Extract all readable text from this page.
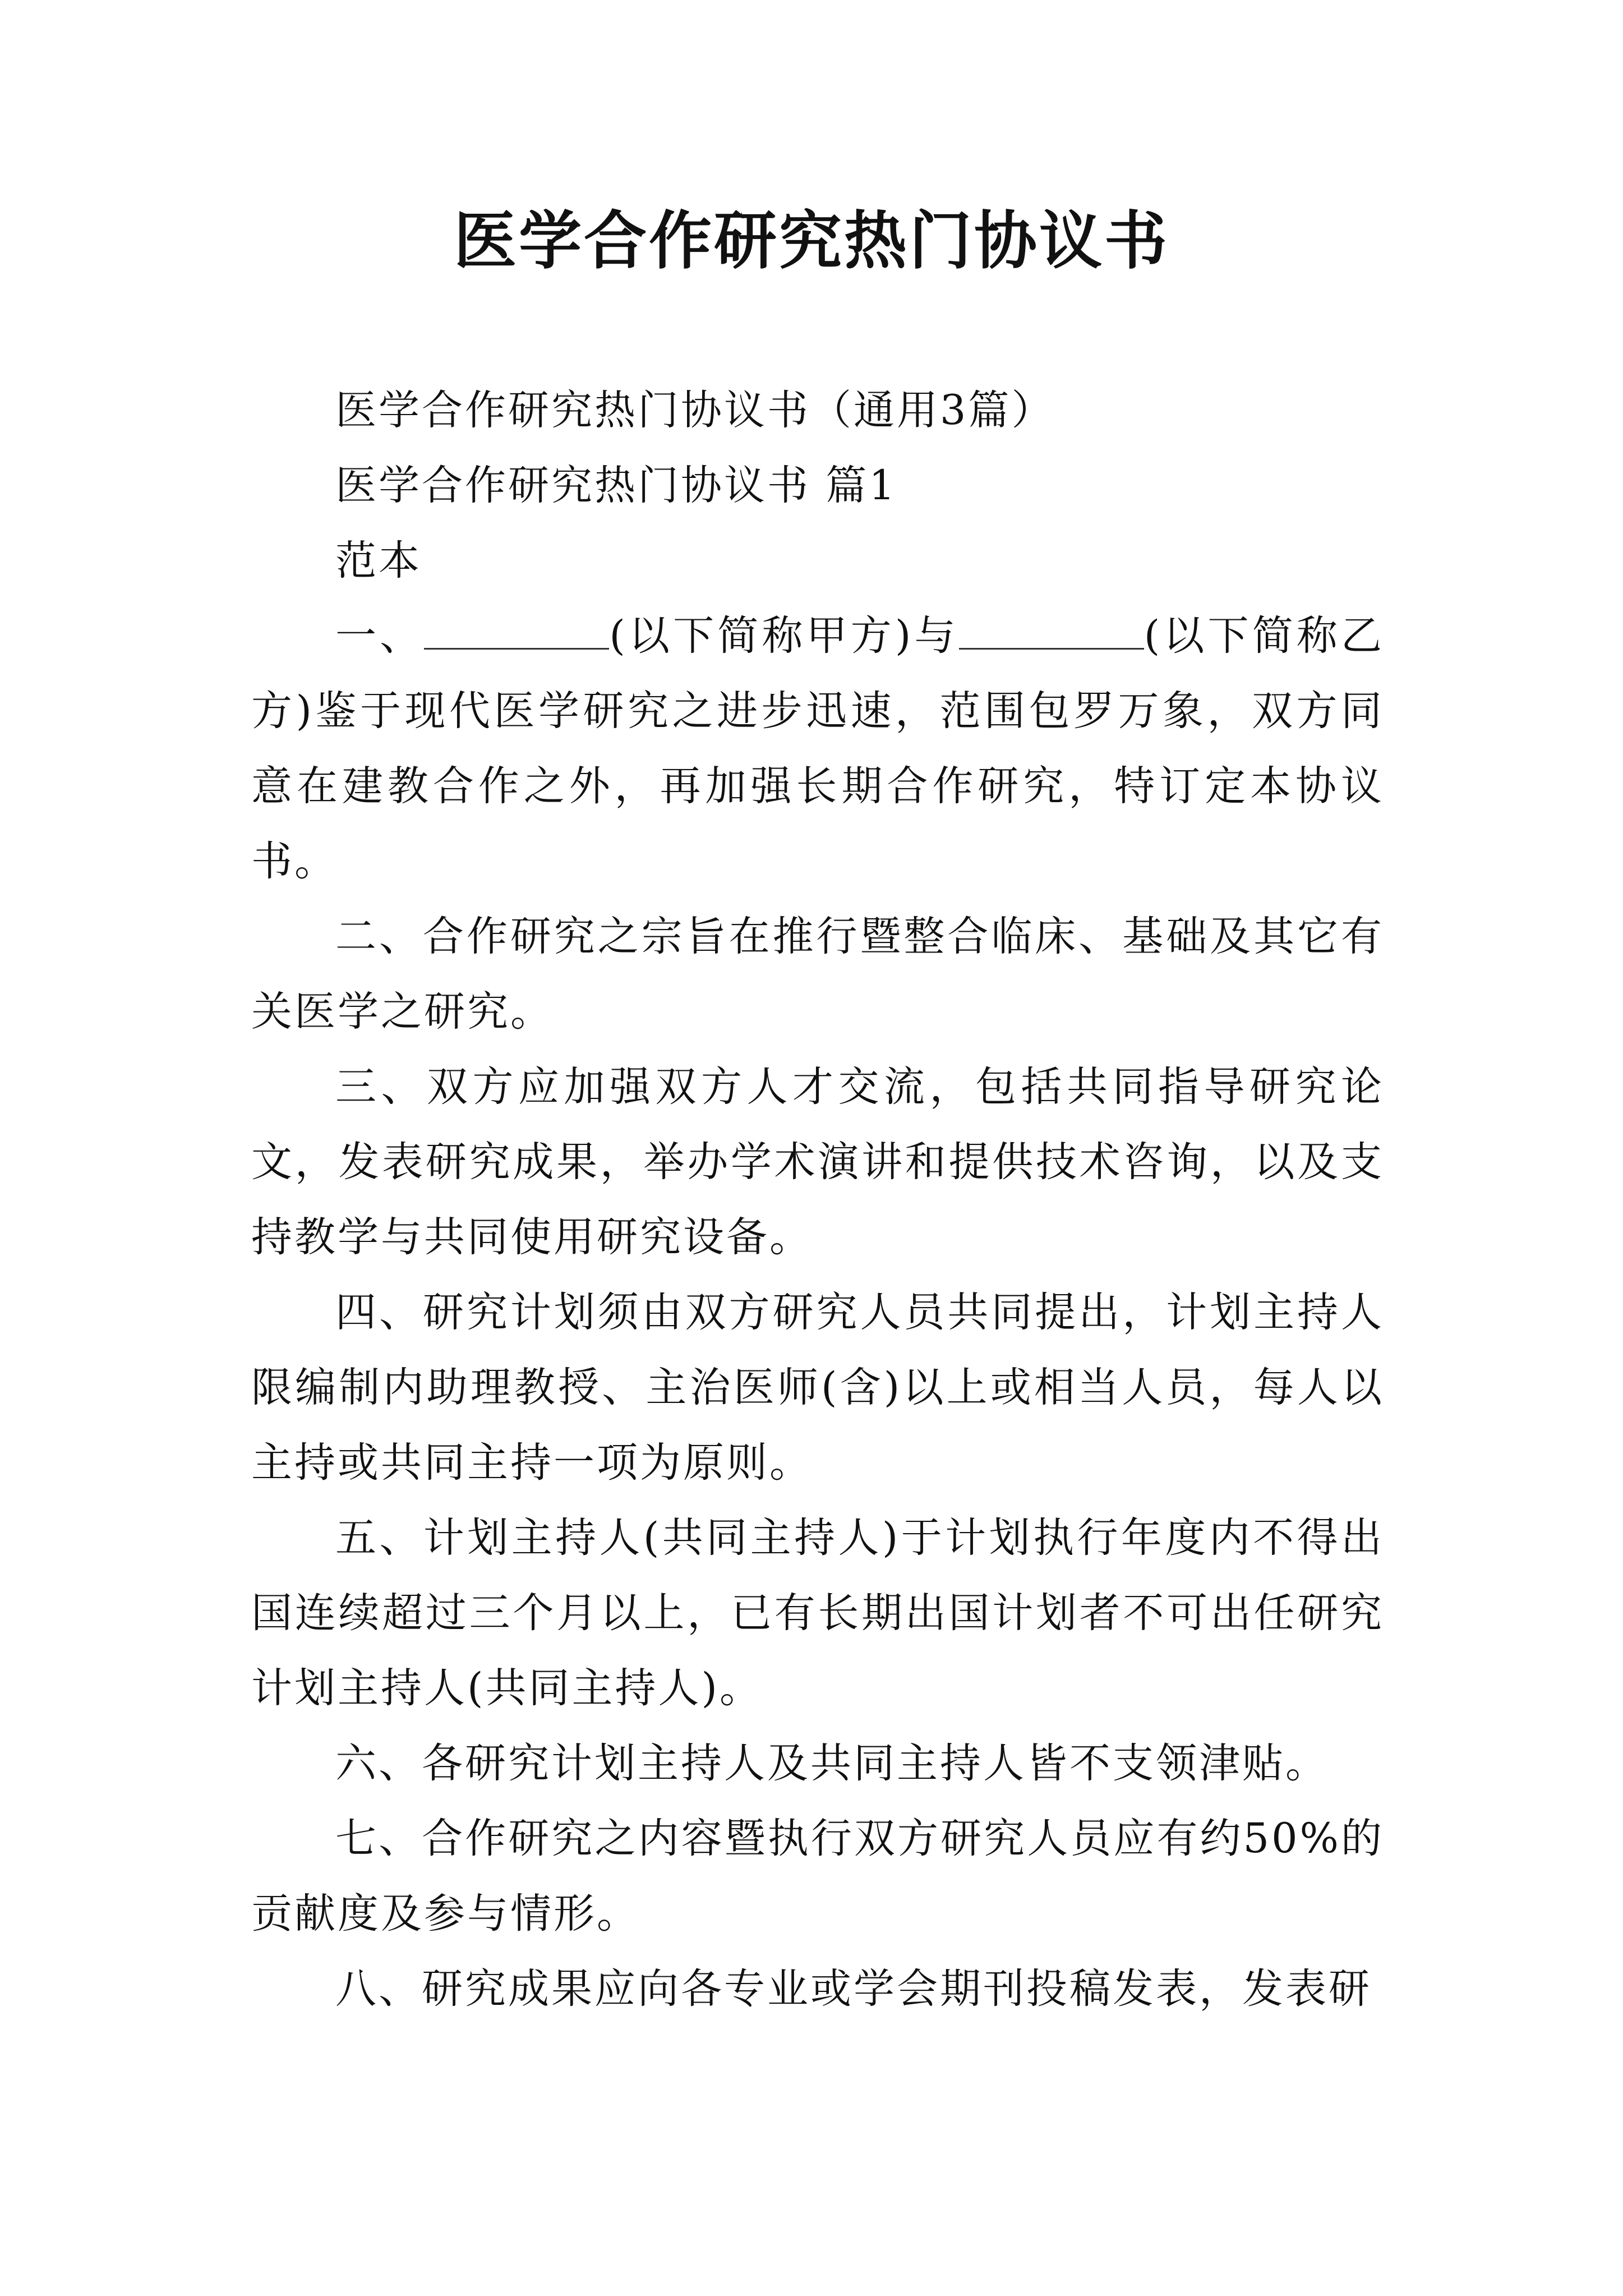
医学合作研究热门协议书

医学合作研究热门协议书（通用3篇）

医学合作研究热门协议书 篇1

范本

一、	(以下简称甲方)与	(以下简称乙方)鉴于现代医学研究之进步迅速，范围包罗万象，双方同意在建教合作之外，再加强长期合作研究，特订定本协议书。

二、合作研究之宗旨在推行暨整合临床、基础及其它有关医学之研究。

三、双方应加强双方人才交流，包括共同指导研究论文，发表研究成果，举办学术演讲和提供技术咨询，以及支持教学与共同使用研究设备。

四、研究计划须由双方研究人员共同提出，计划主持人限编制内助理教授、主治医师(含)以上或相当人员，每人以主持或共同主持一项为原则。

五、计划主持人(共同主持人)于计划执行年度内不得出国连续超过三个月以上，已有长期出国计划者不可出任研究计划主持人(共同主持人)。

六、各研究计划主持人及共同主持人皆不支领津贴。

七、合作研究之内容暨执行双方研究人员应有约50%的贡献度及参与情形。

八、研究成果应向各专业或学会期刊投稿发表，发表研
